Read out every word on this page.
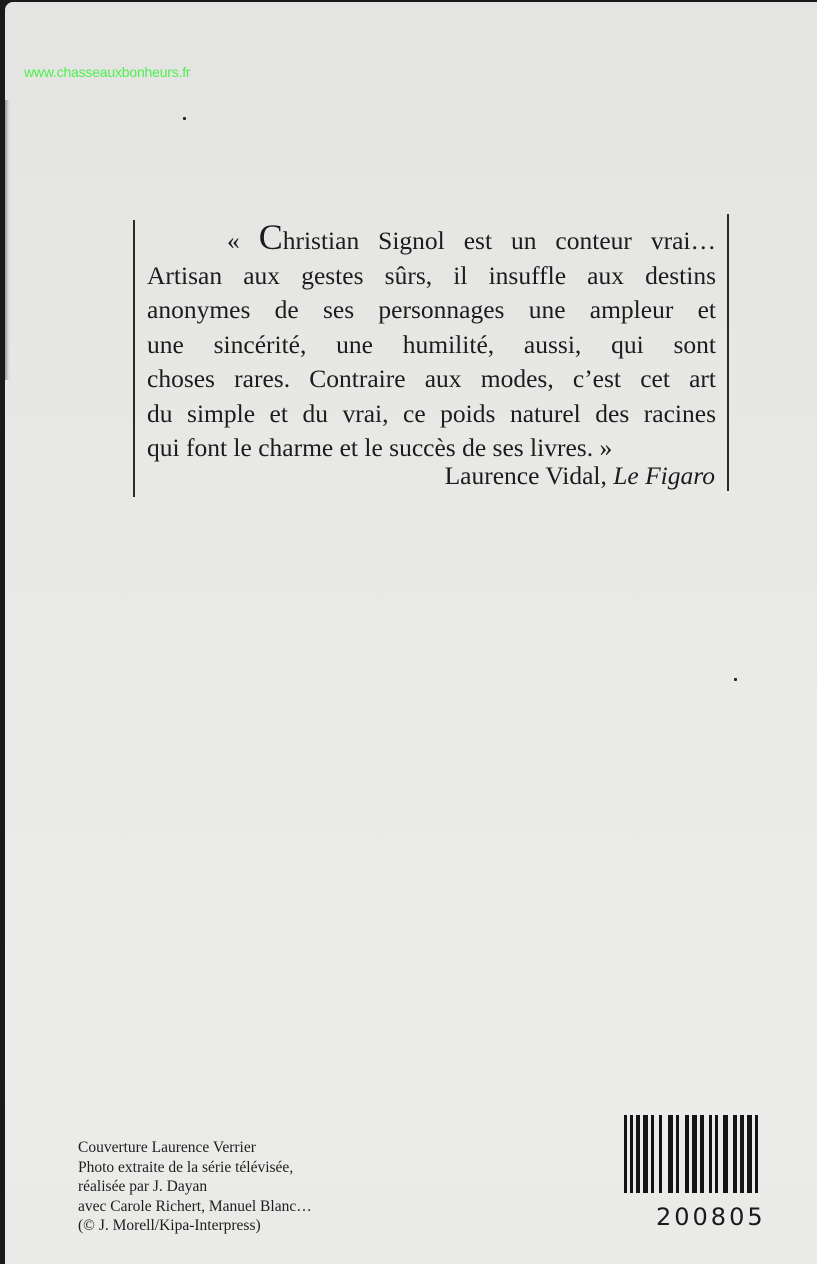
www.chasseauxbonheurs.fr
« Christian Signol est un conteur vrai…
Artisan aux gestes sûrs, il insuffle aux destins
anonymes de ses personnages une ampleur et
une sincérité, une humilité, aussi, qui sont
choses rares. Contraire aux modes, c’est cet art
du simple et du vrai, ce poids naturel des racines
qui font le charme et le succès de ses livres. »
Laurence Vidal, Le Figaro
Couverture Laurence Verrier
Photo extraite de la série télévisée,
réalisée par J. Dayan
avec Carole Richert, Manuel Blanc…
(© J. Morell/Kipa-Interpress)	200805
